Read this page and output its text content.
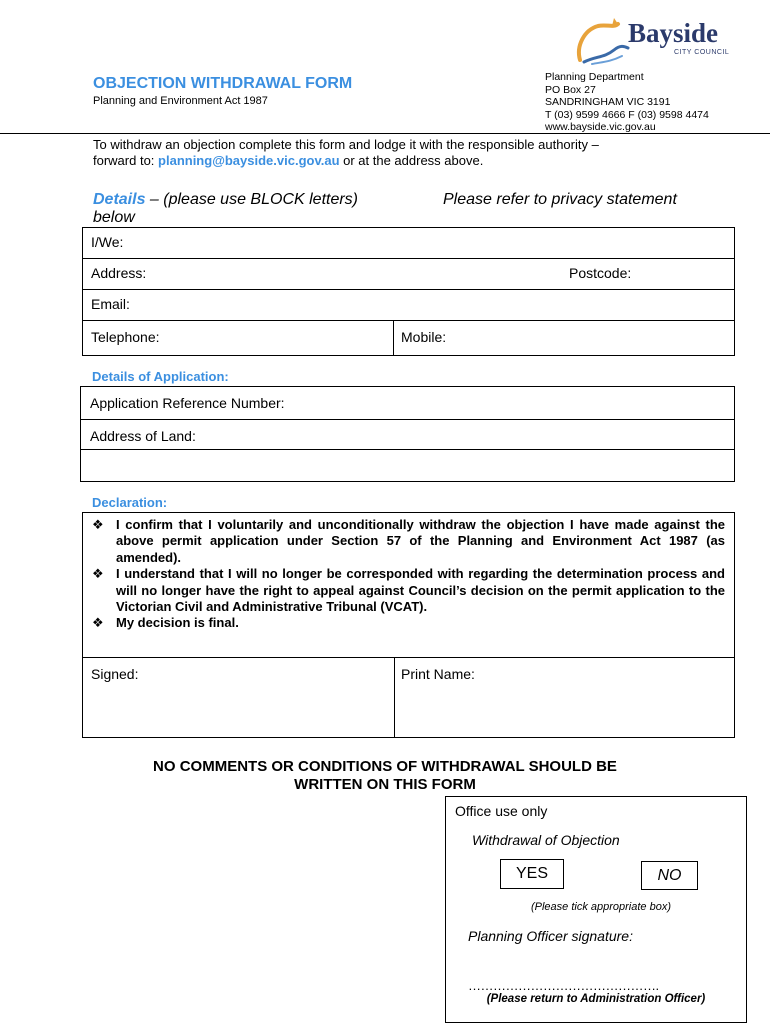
Bayside
CITY COUNCIL
OBJECTION WITHDRAWAL FORM
Planning and Environment Act 1987
Planning Department
PO Box 27
SANDRINGHAM VIC 3191
T (03) 9599 4666 F (03) 9598 4474
www.bayside.vic.gov.au
To withdraw an objection complete this form and lodge it with the responsible authority –
forward to: planning@bayside.vic.gov.au or at the address above.
Details – (please use BLOCK letters)	Please refer to privacy statement
below
I/We:
Address:	Postcode:
Email:
Telephone:	Mobile:
Details of Application:
Application Reference Number:
Address of Land:
Declaration:
❖ I confirm that I voluntarily and unconditionally withdraw the objection I have made against the above permit application under Section 57 of the Planning and Environment Act 1987 (as amended).
❖ I understand that I will no longer be corresponded with regarding the determination process and will no longer have the right to appeal against Council’s decision on the permit application to the Victorian Civil and Administrative Tribunal (VCAT).
❖ My decision is final.
Signed:	Print Name:
NO COMMENTS OR CONDITIONS OF WITHDRAWAL SHOULD BE
WRITTEN ON THIS FORM
Office use only
Withdrawal of Objection
YES	NO
(Please tick appropriate box)
Planning Officer signature:
……………………………………….
(Please return to Administration Officer)
